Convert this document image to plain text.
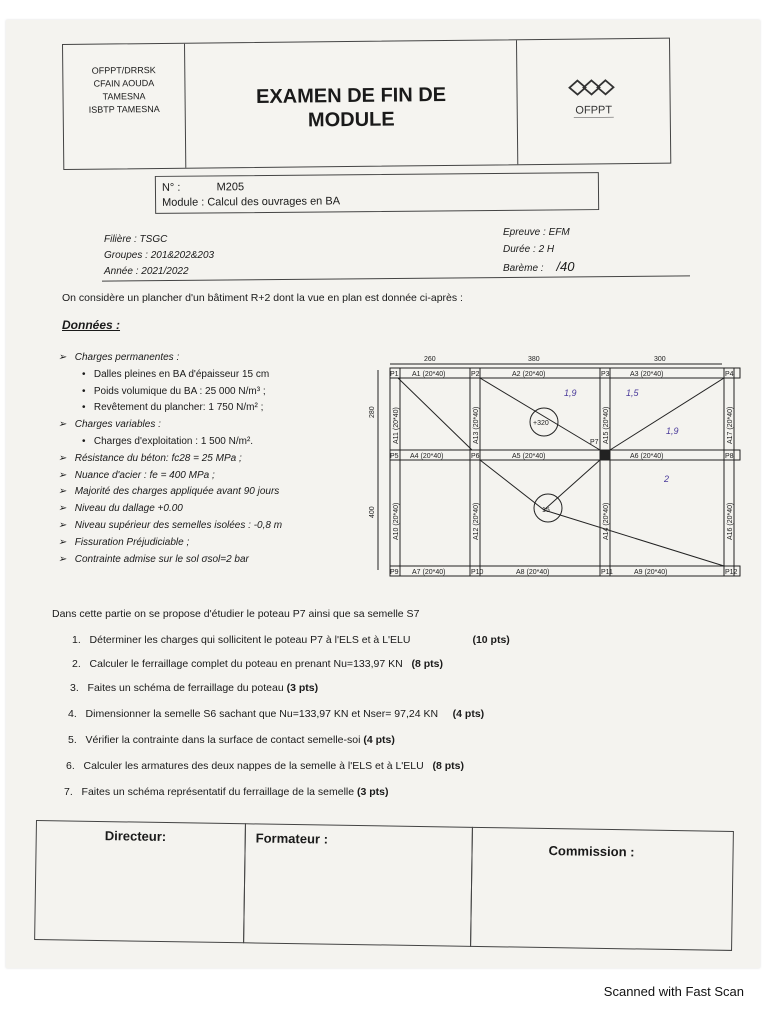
OFPPT/DRRSK
CFAIN AOUDA
TAMESNA
ISBTP TAMESNA
EXAMEN DE FIN DE
MODULE	OFPPT
N° :	M205
Module : Calcul des ouvrages en BA
Filière : TSGC
Groupes : 201&202&203
Année : 2021/2022
Epreuve : EFM
Durée : 2 H
Barème : /40
On considère un plancher d'un bâtiment R+2 dont la vue en plan est donnée ci-après :
Données :
➢   Charges permanentes :
•   Dalles pleines en BA d'épaisseur 15 cm
•   Poids volumique du BA : 25 000 N/m³ ;
•   Revêtement du plancher: 1 750 N/m² ;
➢   Charges variables :
•   Charges d'exploitation : 1 500 N/m².
➢   Résistance du béton: fc28 = 25 MPa ;
➢   Nuance d'acier : fe = 400 MPa ;
➢   Majorité des charges appliquée avant 90 jours
➢   Niveau du dallage +0.00
➢   Niveau supérieur des semelles isolées : -0,8 m
➢   Fissuration Préjudiciable ;
➢   Contrainte admise sur le sol σsol=2 bar
260	380	300
280
400
P1	P2	P3	P4
P5	P6
P7
P8
P9	P10	P11	P12
A1 (20*40)	A2 (20*40)	A3 (20*40)
A4 (20*40)	A5 (20*40)	A6 (20*40)
A7 (20*40)	A8 (20*40)	A9 (20*40)
A11 (20*40)	A13 (20*40)	A15 (20*40)	A17 (20*40)
A10 (20*40)	A12 (20*40)	A14 (20*40)	A16 (20*40)
+320
15
1,9	1,5
1,9
2
Dans cette partie on se propose d'étudier le poteau P7 ainsi que sa semelle S7
1. Déterminer les charges qui sollicitent le poteau P7 à l'ELS et à L'ELU	(10 pts)
2. Calculer le ferraillage complet du poteau en prenant Nu=133,97 KN (8 pts)
3. Faites un schéma de ferraillage du poteau (3 pts)
4. Dimensionner la semelle S6 sachant que Nu=133,97 KN et Nser= 97,24 KN (4 pts)
5. Vérifier la contrainte dans la surface de contact semelle-soi (4 pts)
6. Calculer les armatures des deux nappes de la semelle à l'ELS et à L'ELU (8 pts)
7. Faites un schéma représentatif du ferraillage de la semelle (3 pts)
Directeur:	Formateur :
Commission :
Scanned with Fast Scan
